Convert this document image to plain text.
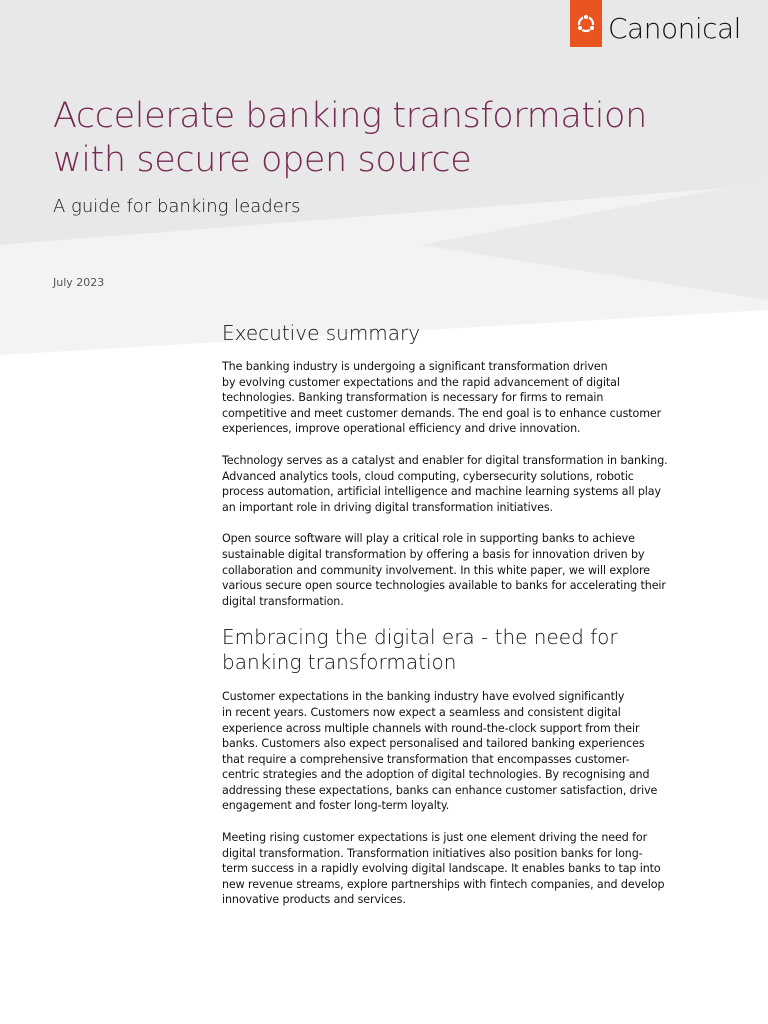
Canonical
Accelerate banking transformation
with secure open source

A guide for banking leaders

July 2023

Executive summary

The banking industry is undergoing a significant transformation driven
by evolving customer expectations and the rapid advancement of digital
technologies. Banking transformation is necessary for firms to remain
competitive and meet customer demands. The end goal is to enhance customer
experiences, improve operational efficiency and drive innovation.

Technology serves as a catalyst and enabler for digital transformation in banking.
Advanced analytics tools, cloud computing, cybersecurity solutions, robotic
process automation, artificial intelligence and machine learning systems all play
an important role in driving digital transformation initiatives.

Open source software will play a critical role in supporting banks to achieve
sustainable digital transformation by offering a basis for innovation driven by
collaboration and community involvement. In this white paper, we will explore
various secure open source technologies available to banks for accelerating their
digital transformation.

Embracing the digital era - the need for
banking transformation

Customer expectations in the banking industry have evolved significantly
in recent years. Customers now expect a seamless and consistent digital
experience across multiple channels with round-the-clock support from their
banks. Customers also expect personalised and tailored banking experiences
that require a comprehensive transformation that encompasses customer-
centric strategies and the adoption of digital technologies. By recognising and
addressing these expectations, banks can enhance customer satisfaction, drive
engagement and foster long-term loyalty.

Meeting rising customer expectations is just one element driving the need for
digital transformation. Transformation initiatives also position banks for long-
term success in a rapidly evolving digital landscape. It enables banks to tap into
new revenue streams, explore partnerships with fintech companies, and develop
innovative products and services.
